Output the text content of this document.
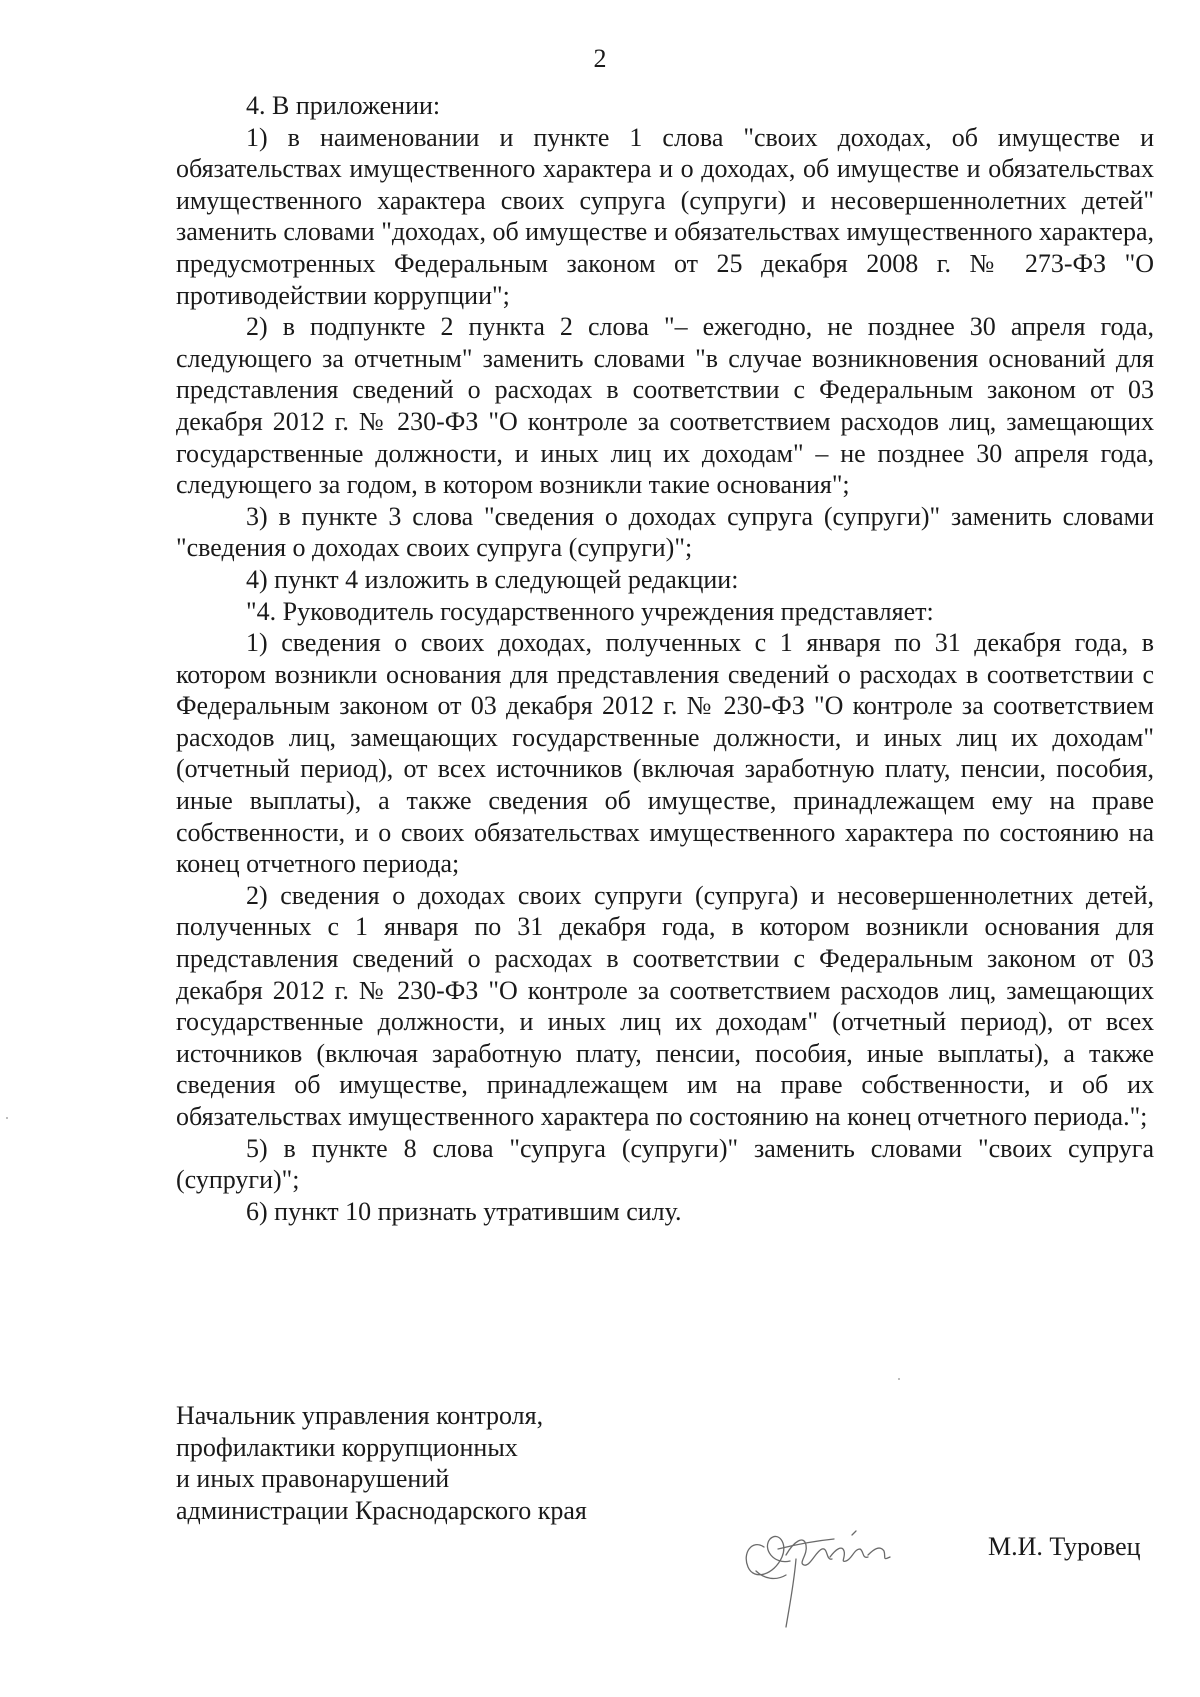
2

4. В приложении:

1) в наименовании и пункте 1 слова "своих доходах, об имуществе и обязательствах имущественного характера и о доходах, об имуществе и обязательствах имущественного характера своих супруга (супруги) и несовершеннолетних детей" заменить словами "доходах, об имуществе и обязательствах имущественного характера, предусмотренных Федеральным законом от 25 декабря 2008 г. № 273-ФЗ "О противодействии коррупции";

2) в подпункте 2 пункта 2 слова "– ежегодно, не позднее 30 апреля года, следующего за отчетным" заменить словами "в случае возникновения оснований для представления сведений о расходах в соответствии с Федеральным законом от 03 декабря 2012 г. № 230-ФЗ "О контроле за соответствием расходов лиц, замещающих государственные должности, и иных лиц их доходам" – не позднее 30 апреля года, следующего за годом, в котором возникли такие основания";

3) в пункте 3 слова "сведения о доходах супруга (супруги)" заменить словами "сведения о доходах своих супруга (супруги)";

4) пункт 4 изложить в следующей редакции:

"4. Руководитель государственного учреждения представляет:

1) сведения о своих доходах, полученных с 1 января по 31 декабря года, в котором возникли основания для представления сведений о расходах в соответствии с Федеральным законом от 03 декабря 2012 г. № 230-ФЗ "О контроле за соответствием расходов лиц, замещающих государственные должности, и иных лиц их доходам" (отчетный период), от всех источников (включая заработную плату, пенсии, пособия, иные выплаты), а также сведения об имуществе, принадлежащем ему на праве собственности, и о своих обязательствах имущественного характера по состоянию на конец отчетного периода;

2) сведения о доходах своих супруги (супруга) и несовершеннолетних детей, полученных с 1 января по 31 декабря года, в котором возникли основания для представления сведений о расходах в соответствии с Федеральным законом от 03 декабря 2012 г. № 230-ФЗ "О контроле за соответствием расходов лиц, замещающих государственные должности, и иных лиц их доходам" (отчетный период), от всех источников (включая заработную плату, пенсии, пособия, иные выплаты), а также сведения об имуществе, принадлежащем им на праве собственности, и об их обязательствах имущественного характера по состоянию на конец отчетного периода.";

5) в пункте 8 слова "супруга (супруги)" заменить словами "своих супруга (супруги)";

6) пункт 10 признать утратившим силу.

Начальник управления контроля,
профилактики коррупционных
и иных правонарушений
администрации Краснодарского края
М.И. Туровец
